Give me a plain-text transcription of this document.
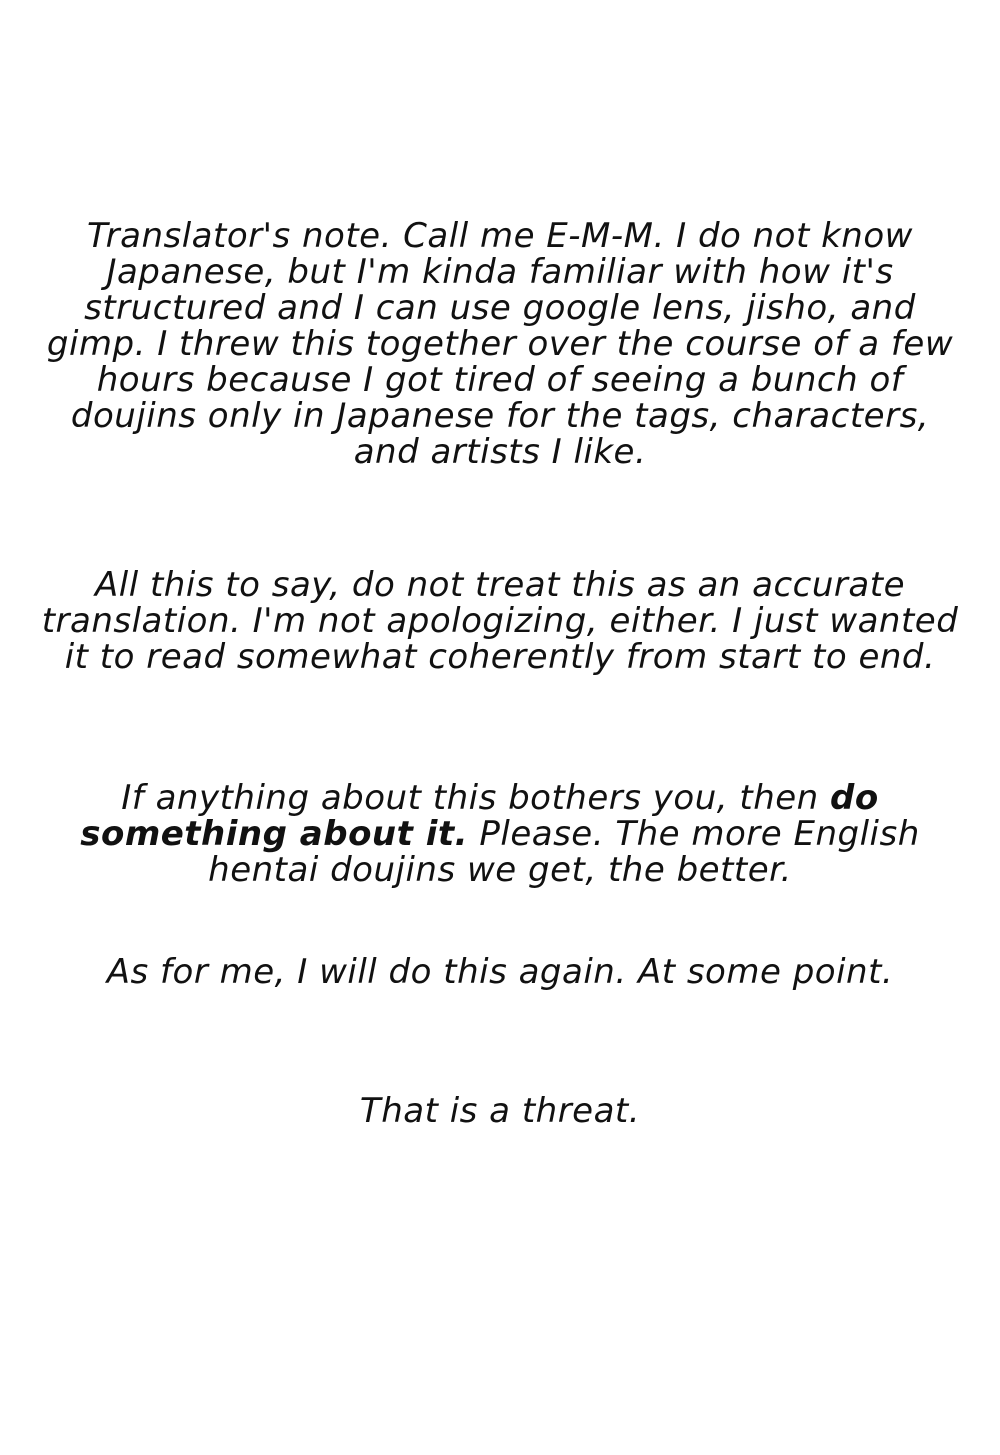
Translator's note. Call me E-M-M. I do not know Japanese, but I'm kinda familiar with how it's structured and I can use google lens, jisho, and gimp. I threw this together over the course of a few hours because I got tired of seeing a bunch of doujins only in Japanese for the tags, characters, and artists I like.

All this to say, do not treat this as an accurate translation. I'm not apologizing, either. I just wanted it to read somewhat coherently from start to end.

If anything about this bothers you, then do something about it. Please. The more English hentai doujins we get, the better.

As for me, I will do this again. At some point.

That is a threat.
